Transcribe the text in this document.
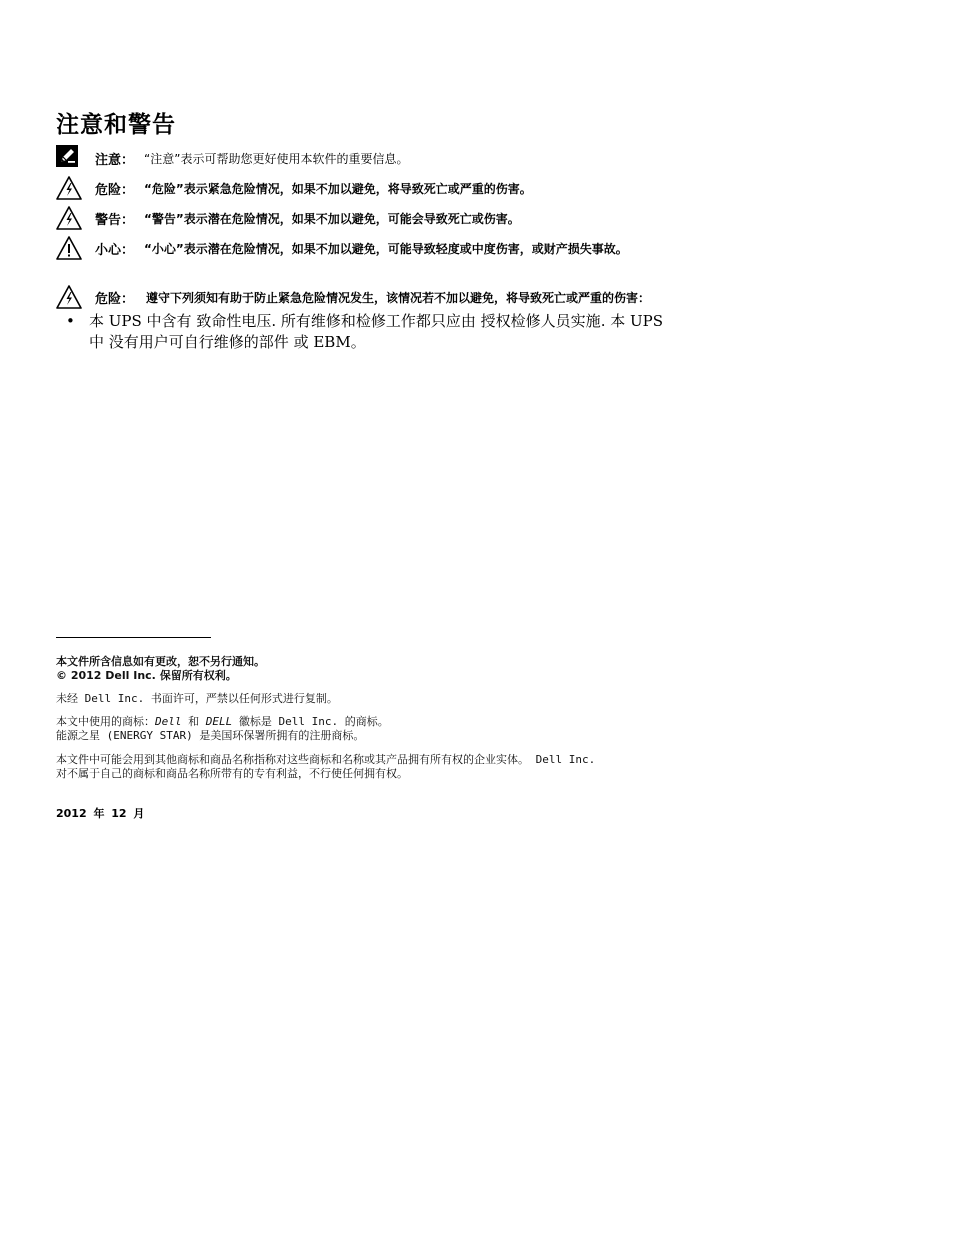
注意和警告
注意： “注意”表示可帮助您更好使用本软件的重要信息。
危险： “危险”表示紧急危险情况，如果不加以避免，将导致死亡或严重的伤害。
警告： “警告”表示潜在危险情况，如果不加以避免，可能会导致死亡或伤害。
小心： “小心”表示潜在危险情况，如果不加以避免，可能导致轻度或中度伤害，或财产损失事故。
危险： 遵守下列须知有助于防止紧急危险情况发生，该情况若不加以避免，将导致死亡或严重的伤害：
• 本 UPS 中含有 致命性电压. 所有维修和检修工作都只应由 授权检修人员实施. 本 UPS
中 没有用户可自行维修的部件 或 EBM。
本文件所含信息如有更改，恕不另行通知。
© 2012 Dell Inc. 保留所有权利。
未经 Dell Inc. 书面许可，严禁以任何形式进行复制。
本文中使用的商标：Dell 和 DELL 徽标是 Dell Inc. 的商标。
能源之星 (ENERGY STAR) 是美国环保署所拥有的注册商标。
本文件中可能会用到其他商标和商品名称指称对这些商标和名称或其产品拥有所有权的企业实体。 Dell Inc.
对不属于自己的商标和商品名称所带有的专有利益，不行使任何拥有权。
2012 年 12 月
